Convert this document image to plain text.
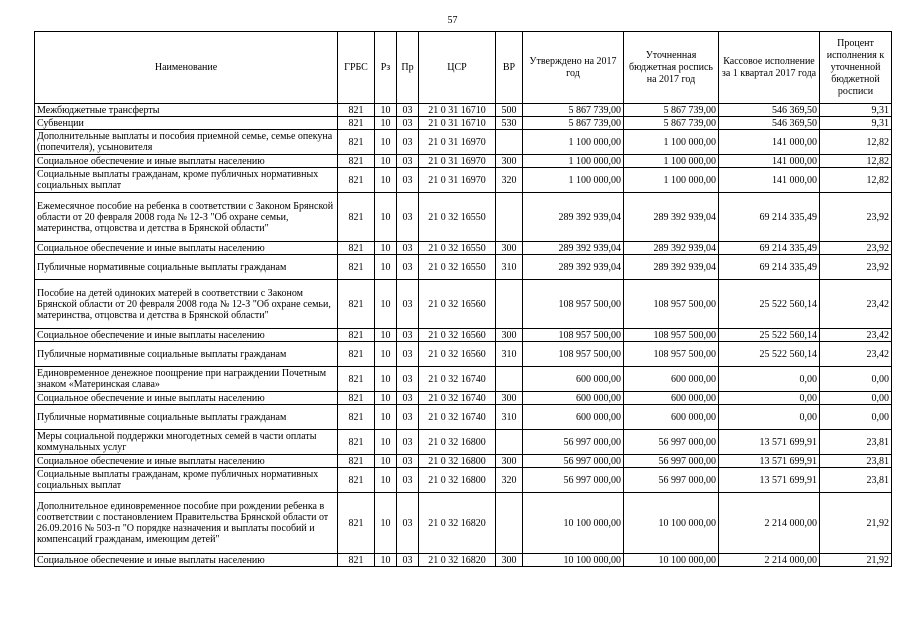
57
Наименование	ГРБС	Рз	Пр	ЦСР	ВР	Утверждено на 2017 год	Уточненная бюджетная роспись на 2017 год	Кассовое исполнение за 1 квартал 2017 года	Процент исполнения к уточненной бюджетной росписи
Межбюджетные трансферты	821	10	03	21 0 31 16710	500	5 867 739,00	5 867 739,00	546 369,50	9,31
Субвенции	821	10	03	21 0 31 16710	530	5 867 739,00	5 867 739,00	546 369,50	9,31
Дополнительные выплаты и пособия приемной семье, семье опекуна (попечителя), усыновителя	821	10	03	21 0 31 16970		1 100 000,00	1 100 000,00	141 000,00	12,82
Социальное обеспечение и иные выплаты населению	821	10	03	21 0 31 16970	300	1 100 000,00	1 100 000,00	141 000,00	12,82
Социальные выплаты гражданам, кроме публичных нормативных социальных выплат	821	10	03	21 0 31 16970	320	1 100 000,00	1 100 000,00	141 000,00	12,82
Ежемесячное пособие на ребенка в соответствии с Законом Брянской области от 20 февраля 2008 года № 12-З "Об охране семьи, материнства, отцовства и детства в Брянской области"	821	10	03	21 0 32 16550		289 392 939,04	289 392 939,04	69 214 335,49	23,92
Социальное обеспечение и иные выплаты населению	821	10	03	21 0 32 16550	300	289 392 939,04	289 392 939,04	69 214 335,49	23,92
Публичные нормативные социальные выплаты гражданам	821	10	03	21 0 32 16550	310	289 392 939,04	289 392 939,04	69 214 335,49	23,92
Пособие на детей одиноких матерей в соответствии с Законом Брянской области от 20 февраля 2008 года № 12-З "Об охране семьи, материнства, отцовства и детства в Брянской области"	821	10	03	21 0 32 16560		108 957 500,00	108 957 500,00	25 522 560,14	23,42
Социальное обеспечение и иные выплаты населению	821	10	03	21 0 32 16560	300	108 957 500,00	108 957 500,00	25 522 560,14	23,42
Публичные нормативные социальные выплаты гражданам	821	10	03	21 0 32 16560	310	108 957 500,00	108 957 500,00	25 522 560,14	23,42
Единовременное денежное поощрение при награждении Почетным знаком «Материнская слава»	821	10	03	21 0 32 16740		600 000,00	600 000,00	0,00	0,00
Социальное обеспечение и иные выплаты населению	821	10	03	21 0 32 16740	300	600 000,00	600 000,00	0,00	0,00
Публичные нормативные социальные выплаты гражданам	821	10	03	21 0 32 16740	310	600 000,00	600 000,00	0,00	0,00
Меры социальной поддержки многодетных семей в части оплаты коммунальных услуг	821	10	03	21 0 32 16800		56 997 000,00	56 997 000,00	13 571 699,91	23,81
Социальное обеспечение и иные выплаты населению	821	10	03	21 0 32 16800	300	56 997 000,00	56 997 000,00	13 571 699,91	23,81
Социальные выплаты гражданам, кроме публичных нормативных социальных выплат	821	10	03	21 0 32 16800	320	56 997 000,00	56 997 000,00	13 571 699,91	23,81
Дополнительное единовременное пособие при рождении ребенка в соответствии с постановлением Правительства Брянской области от 26.09.2016 № 503-п "О порядке назначения и выплаты пособий и компенсаций гражданам, имеющим детей"	821	10	03	21 0 32 16820		10 100 000,00	10 100 000,00	2 214 000,00	21,92
Социальное обеспечение и иные выплаты населению	821	10	03	21 0 32 16820	300	10 100 000,00	10 100 000,00	2 214 000,00	21,92
